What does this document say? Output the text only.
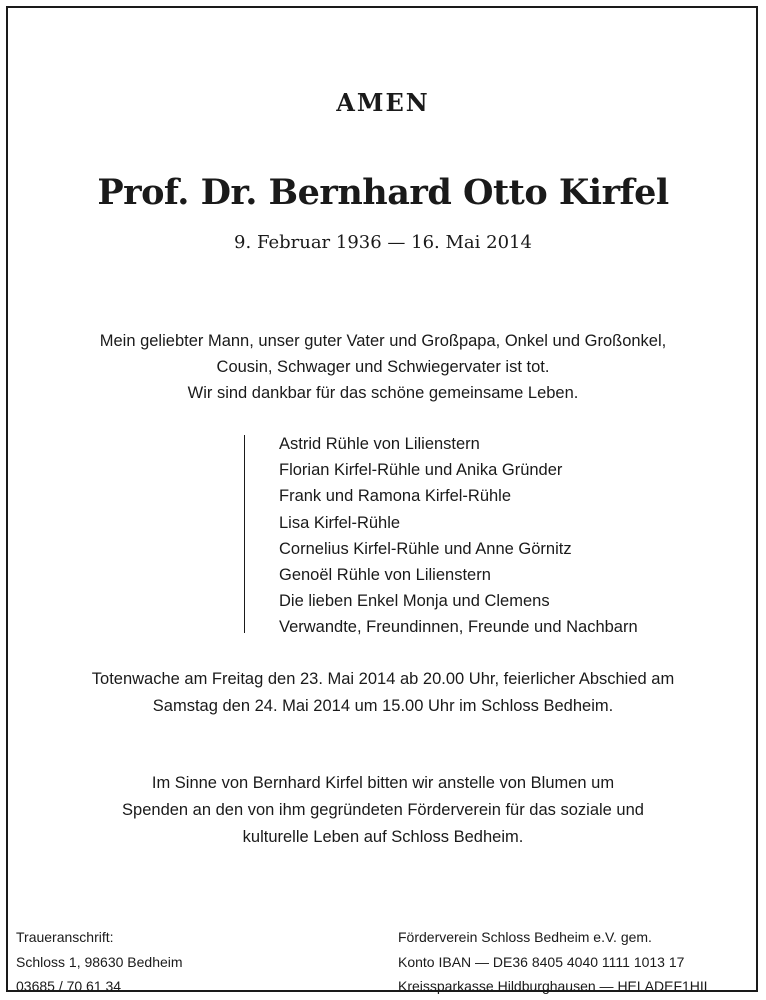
AMEN
Prof. Dr. Bernhard Otto Kirfel
9. Februar 1936 — 16. Mai 2014
Mein geliebter Mann, unser guter Vater und Großpapa, Onkel und Großonkel,
Cousin, Schwager und Schwiegervater ist tot.
Wir sind dankbar für das schöne gemeinsame Leben.
Astrid Rühle von Lilienstern
Florian Kirfel-Rühle und Anika Gründer
Frank und Ramona Kirfel-Rühle
Lisa Kirfel-Rühle
Cornelius Kirfel-Rühle und Anne Görnitz
Genoël Rühle von Lilienstern
Die lieben Enkel Monja und Clemens
Verwandte, Freundinnen, Freunde und Nachbarn
Totenwache am Freitag den 23. Mai 2014 ab 20.00 Uhr, feierlicher Abschied am
Samstag den 24. Mai 2014 um 15.00 Uhr im Schloss Bedheim.
Im Sinne von Bernhard Kirfel bitten wir anstelle von Blumen um
Spenden an den von ihm gegründeten Förderverein für das soziale und
kulturelle Leben auf Schloss Bedheim.
Traueranschrift:
Schloss 1, 98630 Bedheim
03685 / 70 61 34
Förderverein Schloss Bedheim e.V. gem.
Konto IBAN — DE36 8405 4040 1111 1013 17
Kreissparkasse Hildburghausen — HELADEF1HIL
